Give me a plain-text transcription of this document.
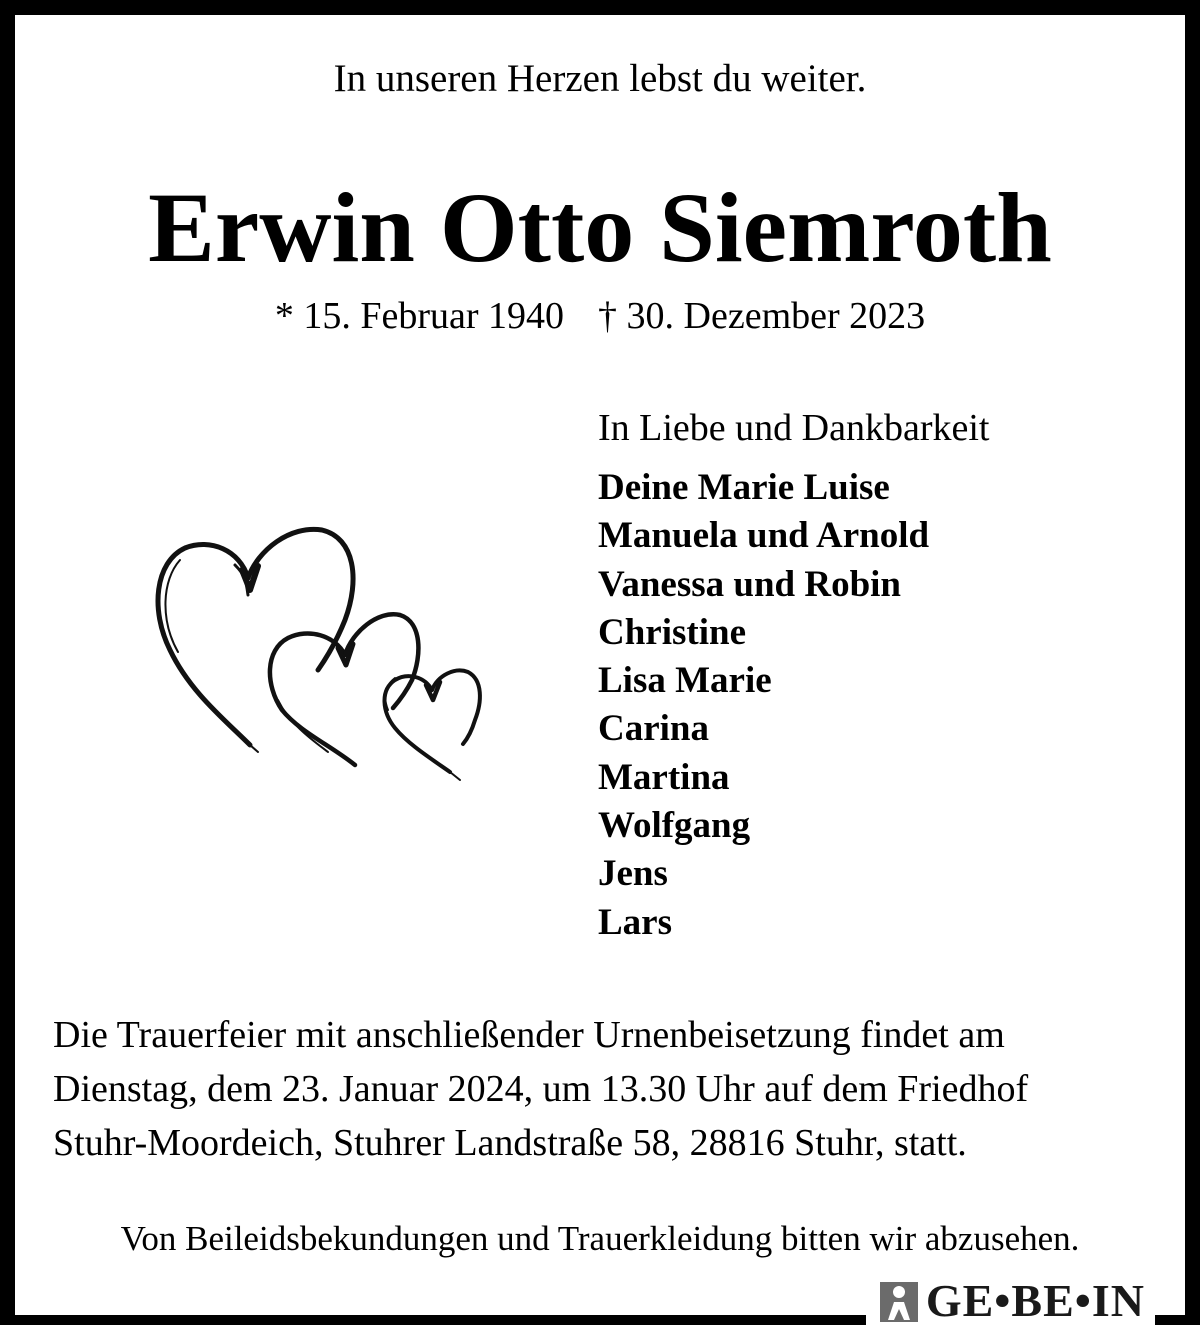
In unseren Herzen lebst du weiter.
Erwin Otto Siemroth
* 15. Februar 1940 † 30. Dezember 2023
In Liebe und Dankbarkeit
Deine Marie Luise
Manuela und Arnold
Vanessa und Robin
Christine
Lisa Marie
Carina
Martina
Wolfgang
Jens
Lars
Die Trauerfeier mit anschließender Urnenbeisetzung findet am
Dienstag, dem 23. Januar 2024, um 13.30 Uhr auf dem Friedhof
Stuhr-Moordeich, Stuhrer Landstraße 58, 28816 Stuhr, statt.
Von Beileidsbekundungen und Trauerkleidung bitten wir abzusehen.
GE•BE•IN
